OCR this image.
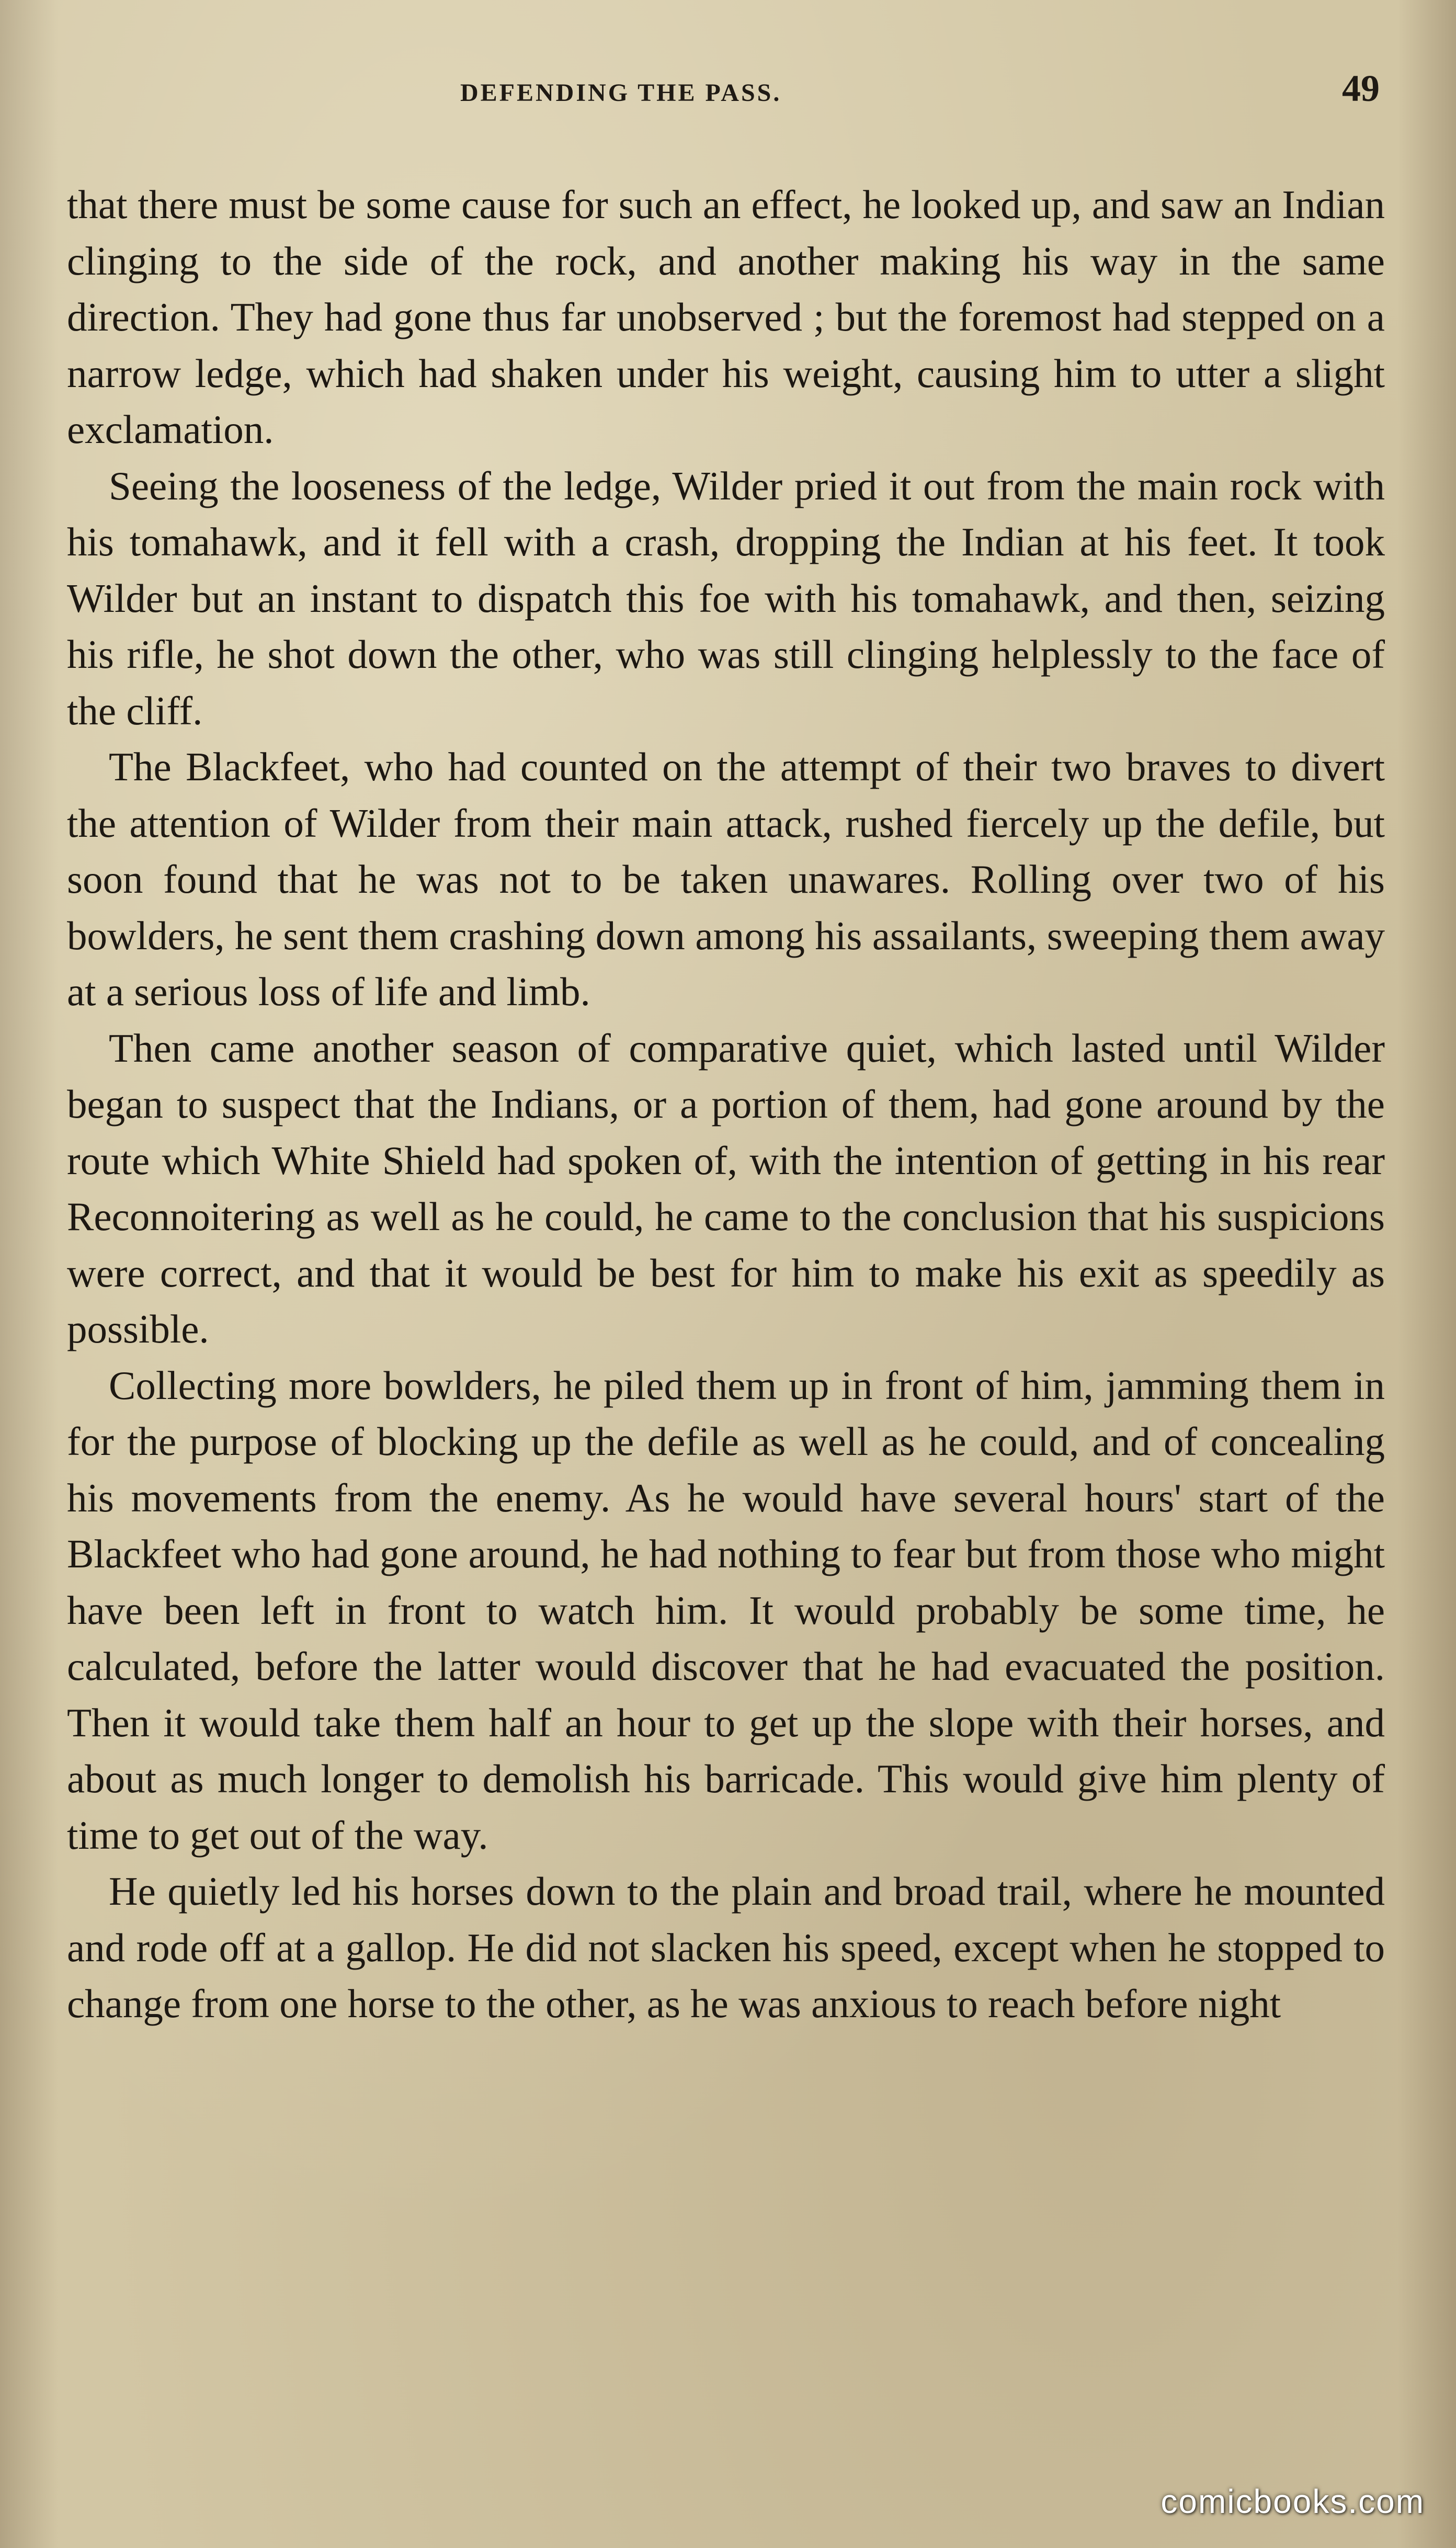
DEFENDING THE PASS.	49

that there must be some cause for such an effect, he looked up, and saw an Indian clinging to the side of the rock, and another making his way in the same direction. They had gone thus far unobserved ; but the foremost had stepped on a narrow ledge, which had shaken under his weight, causing him to utter a slight exclamation.

Seeing the looseness of the ledge, Wilder pried it out from the main rock with his tomahawk, and it fell with a crash, dropping the Indian at his feet. It took Wilder but an instant to dispatch this foe with his tomahawk, and then, seizing his rifle, he shot down the other, who was still clinging helplessly to the face of the cliff.

The Blackfeet, who had counted on the attempt of their two braves to divert the attention of Wilder from their main attack, rushed fiercely up the defile, but soon found that he was not to be taken unawares. Rolling over two of his bowlders, he sent them crashing down among his assailants, sweeping them away at a serious loss of life and limb.

Then came another season of comparative quiet, which lasted until Wilder began to suspect that the Indians, or a portion of them, had gone around by the route which White Shield had spoken of, with the intention of getting in his rear Reconnoitering as well as he could, he came to the conclusion that his suspicions were correct, and that it would be best for him to make his exit as speedily as possible.

Collecting more bowlders, he piled them up in front of him, jamming them in for the purpose of blocking up the defile as well as he could, and of concealing his movements from the enemy. As he would have several hours' start of the Blackfeet who had gone around, he had nothing to fear but from those who might have been left in front to watch him. It would probably be some time, he calculated, before the latter would discover that he had evacuated the position. Then it would take them half an hour to get up the slope with their horses, and about as much longer to demolish his barricade. This would give him plenty of time to get out of the way.

He quietly led his horses down to the plain and broad trail, where he mounted and rode off at a gallop. He did not slacken his speed, except when he stopped to change from one horse to the other, as he was anxious to reach before night

comicbooks.com
